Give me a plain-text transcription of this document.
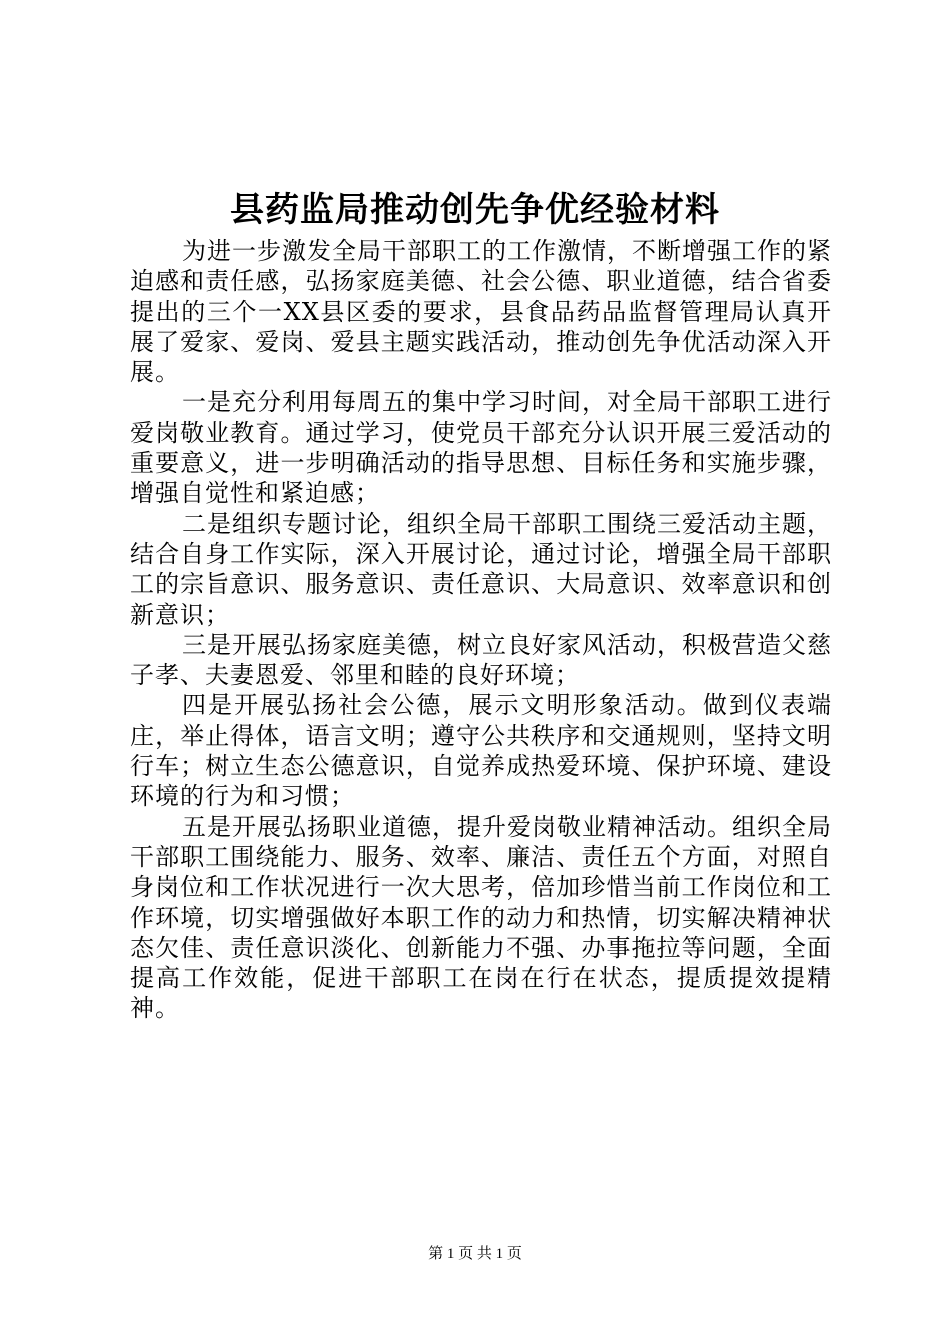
县药监局推动创先争优经验材料

为进一步激发全局干部职工的工作激情，不断增强工作的紧迫感和责任感，弘扬家庭美德、社会公德、职业道德，结合省委提出的三个一XX县区委的要求，县食品药品监督管理局认真开展了爱家、爱岗、爱县主题实践活动，推动创先争优活动深入开展。

一是充分利用每周五的集中学习时间，对全局干部职工进行爱岗敬业教育。通过学习，使党员干部充分认识开展三爱活动的重要意义，进一步明确活动的指导思想、目标任务和实施步骤，增强自觉性和紧迫感；

二是组织专题讨论，组织全局干部职工围绕三爱活动主题，结合自身工作实际，深入开展讨论，通过讨论，增强全局干部职工的宗旨意识、服务意识、责任意识、大局意识、效率意识和创新意识；

三是开展弘扬家庭美德，树立良好家风活动，积极营造父慈子孝、夫妻恩爱、邻里和睦的良好环境；

四是开展弘扬社会公德，展示文明形象活动。做到仪表端庄，举止得体，语言文明；遵守公共秩序和交通规则，坚持文明行车；树立生态公德意识，自觉养成热爱环境、保护环境、建设环境的行为和习惯；

五是开展弘扬职业道德，提升爱岗敬业精神活动。组织全局干部职工围绕能力、服务、效率、廉洁、责任五个方面，对照自身岗位和工作状况进行一次大思考，倍加珍惜当前工作岗位和工作环境，切实增强做好本职工作的动力和热情，切实解决精神状态欠佳、责任意识淡化、创新能力不强、办事拖拉等问题，全面提高工作效能，促进干部职工在岗在行在状态，提质提效提精神。

第 1 页 共 1 页
